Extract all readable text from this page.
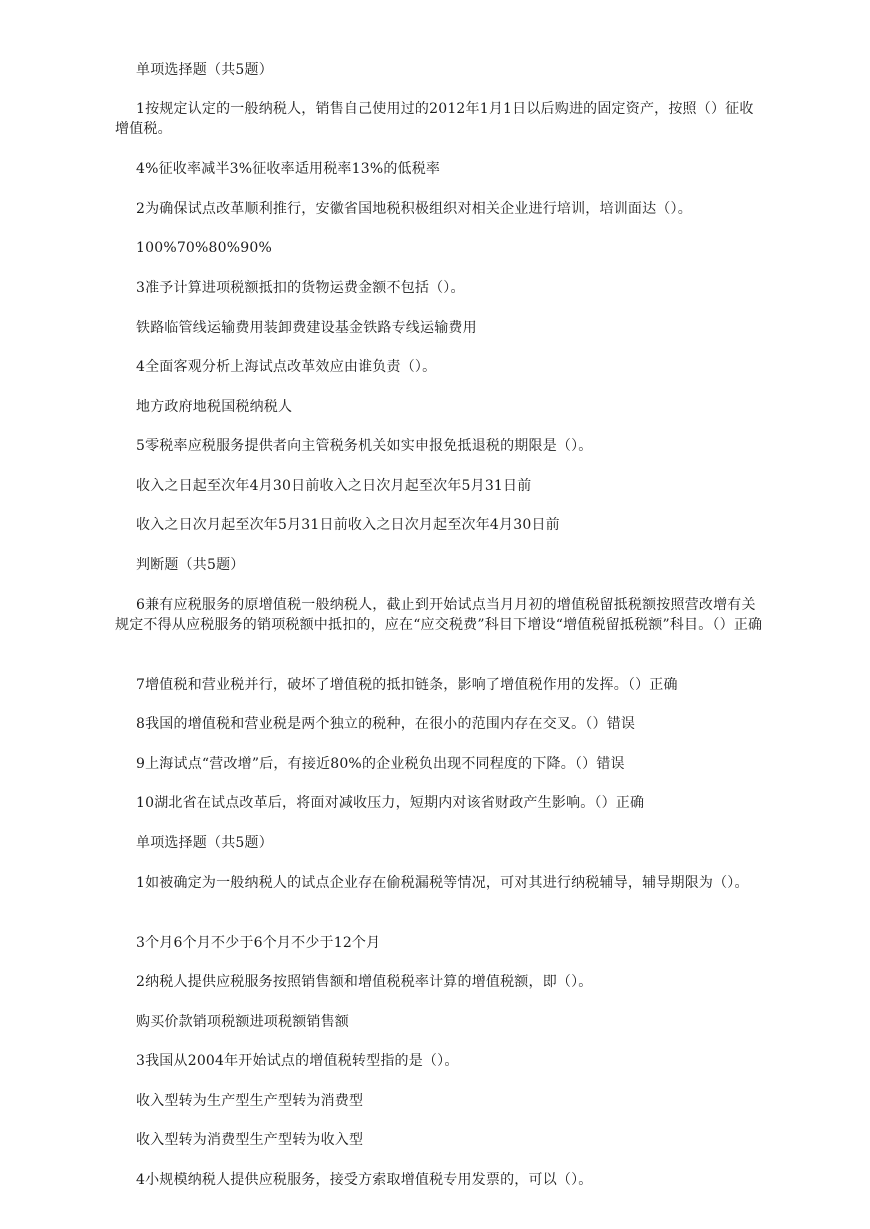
单项选择题（共5题）

1按规定认定的一般纳税人，销售自己使用过的2012年1月1日以后购进的固定资产，按照（）征收增值税。

4%征收率减半3%征收率适用税率13%的低税率

2为确保试点改革顺利推行，安徽省国地税积极组织对相关企业进行培训，培训面达（）。

100%70%80%90%

3准予计算进项税额抵扣的货物运费金额不包括（）。

铁路临管线运输费用装卸费建设基金铁路专线运输费用

4全面客观分析上海试点改革效应由谁负责（）。

地方政府地税国税纳税人

5零税率应税服务提供者向主管税务机关如实申报免抵退税的期限是（）。

收入之日起至次年4月30日前收入之日次月起至次年5月31日前

收入之日次月起至次年5月31日前收入之日次月起至次年4月30日前

判断题（共5题）

6兼有应税服务的原增值税一般纳税人，截止到开始试点当月月初的增值税留抵税额按照营改增有关规定不得从应税服务的销项税额中抵扣的，应在“应交税费”科目下增设“增值税留抵税额”科目。（）正确

7增值税和营业税并行，破坏了增值税的抵扣链条，影响了增值税作用的发挥。（）正确

8我国的增值税和营业税是两个独立的税种，在很小的范围内存在交叉。（）错误

9上海试点“营改增”后，有接近80%的企业税负出现不同程度的下降。（）错误

10湖北省在试点改革后，将面对减收压力，短期内对该省财政产生影响。（）正确

单项选择题（共5题）

1如被确定为一般纳税人的试点企业存在偷税漏税等情况，可对其进行纳税辅导，辅导期限为（）。

3个月6个月不少于6个月不少于12个月

2纳税人提供应税服务按照销售额和增值税税率计算的增值税额，即（）。

购买价款销项税额进项税额销售额

3我国从2004年开始试点的增值税转型指的是（）。

收入型转为生产型生产型转为消费型

收入型转为消费型生产型转为收入型

4小规模纳税人提供应税服务，接受方索取增值税专用发票的，可以（）。
